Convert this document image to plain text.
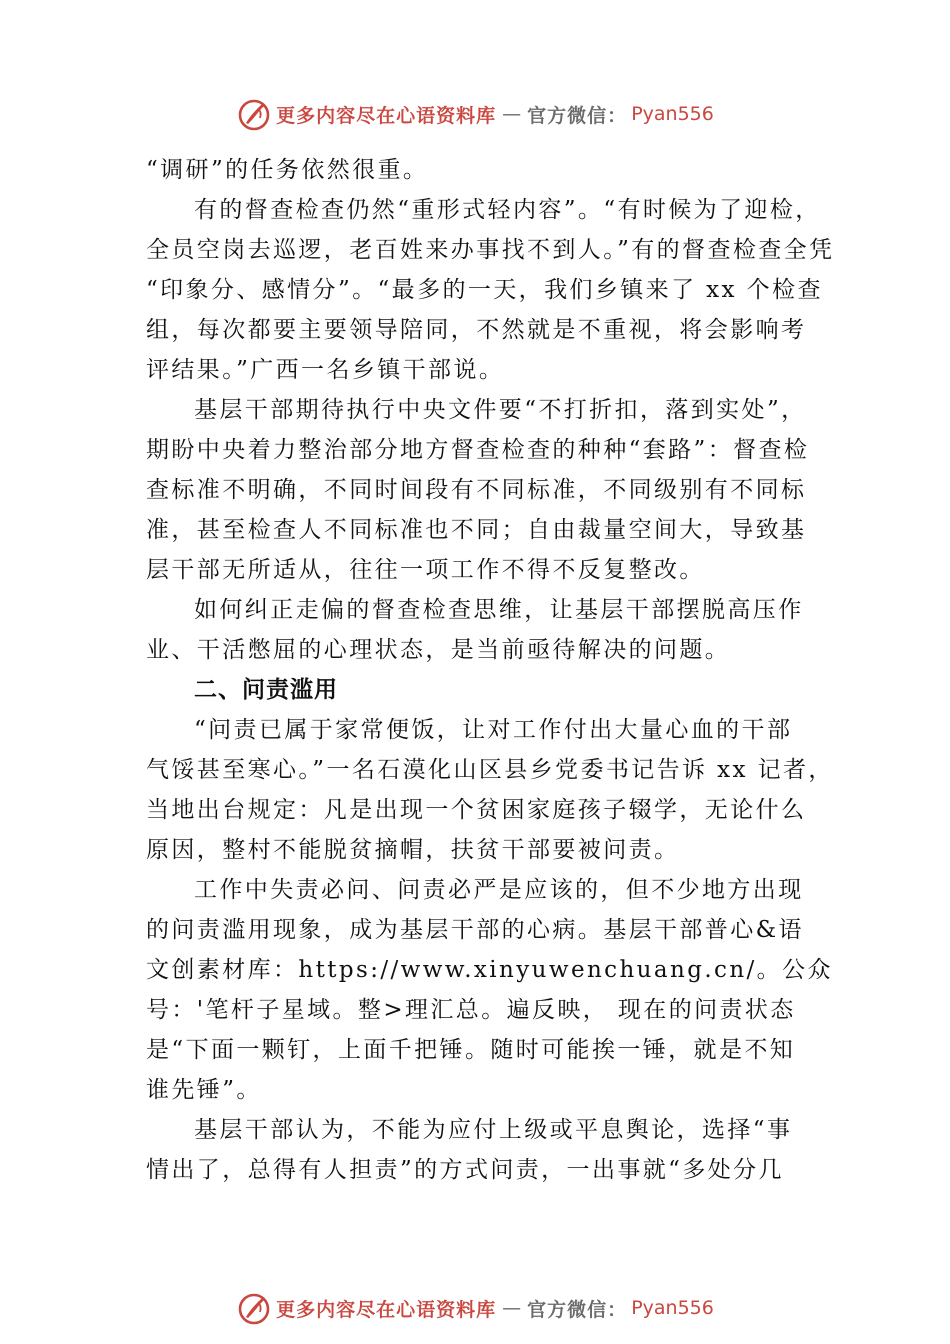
更多内容尽在心语资料库 — 官方微信： Pyan556
“调研”的任务依然很重。
有的督查检查仍然“重形式轻内容”。“有时候为了迎检，
全员空岗去巡逻，老百姓来办事找不到人。”有的督查检查全凭
“印象分、感情分”。“最多的一天，我们乡镇来了 xx 个检查
组，每次都要主要领导陪同，不然就是不重视，将会影响考
评结果。”广西一名乡镇干部说。
基层干部期待执行中央文件要“不打折扣，落到实处”，
期盼中央着力整治部分地方督查检查的种种“套路”：督查检
查标准不明确，不同时间段有不同标准，不同级别有不同标
准，甚至检查人不同标准也不同；自由裁量空间大，导致基
层干部无所适从，往往一项工作不得不反复整改。
如何纠正走偏的督查检查思维，让基层干部摆脱高压作
业、干活憋屈的心理状态，是当前亟待解决的问题。
二、问责滥用
“问责已属于家常便饭，让对工作付出大量心血的干部
气馁甚至寒心。”一名石漠化山区县乡党委书记告诉 xx 记者，
当地出台规定：凡是出现一个贫困家庭孩子辍学，无论什么
原因，整村不能脱贫摘帽，扶贫干部要被问责。
工作中失责必问、问责必严是应该的，但不少地方出现
的问责滥用现象，成为基层干部的心病。基层干部普心&语
文创素材库：https://www.xinyuwenchuang.cn/。公众
号：'笔杆子星域。整>理汇总。遍反映， 现在的问责状态
是“下面一颗钉，上面千把锤。随时可能挨一锤，就是不知
谁先锤”。
基层干部认为，不能为应付上级或平息舆论，选择“事
情出了，总得有人担责”的方式问责，一出事就“多处分几
更多内容尽在心语资料库 — 官方微信： Pyan556
